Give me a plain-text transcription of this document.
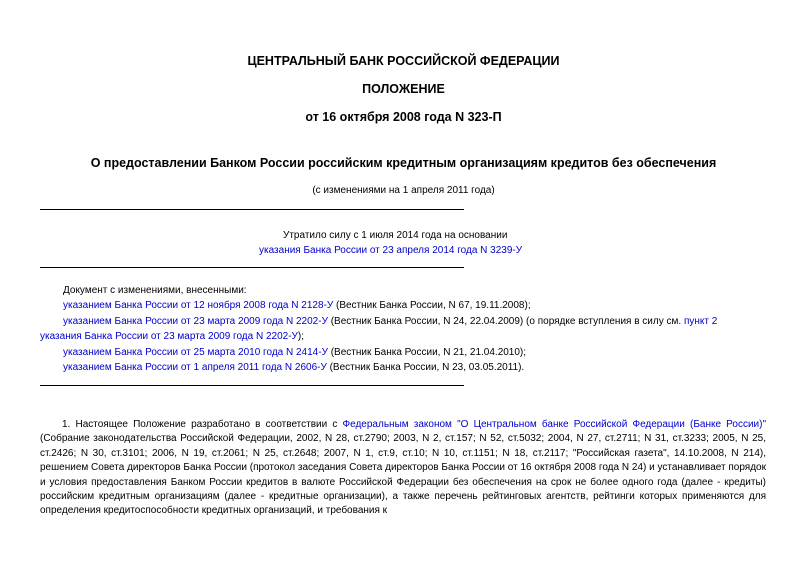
ЦЕНТРАЛЬНЫЙ БАНК РОССИЙСКОЙ ФЕДЕРАЦИИ
ПОЛОЖЕНИЕ
от 16 октября 2008 года N 323-П
О предоставлении Банком России российским кредитным организациям кредитов без обеспечения
(с изменениями на 1 апреля 2011 года)
Утратило силу с 1 июля 2014 года на основании
указания Банка России от 23 апреля 2014 года N 3239-У
Документ с изменениями, внесенными:
указанием Банка России от 12 ноября 2008 года N 2128-У (Вестник Банка России, N 67, 19.11.2008);
указанием Банка России от 23 марта 2009 года N 2202-У (Вестник Банка России, N 24, 22.04.2009) (о порядке вступления в силу см. пункт 2
указания Банка России от 23 марта 2009 года N 2202-У);
указанием Банка России от 25 марта 2010 года N 2414-У (Вестник Банка России, N 21, 21.04.2010);
указанием Банка России от 1 апреля 2011 года N 2606-У (Вестник Банка России, N 23, 03.05.2011).
1. Настоящее Положение разработано в соответствии с Федеральным законом "О Центральном банке Российской Федерации (Банке России)" (Собрание законодательства Российской Федерации, 2002, N 28, ст.2790; 2003, N 2, ст.157; N 52, ст.5032; 2004, N 27, ст.2711; N 31, ст.3233; 2005, N 25, ст.2426; N 30, ст.3101; 2006, N 19, ст.2061; N 25, ст.2648; 2007, N 1, ст.9, ст.10; N 10, ст.1151; N 18, ст.2117; "Российская газета", 14.10.2008, N 214), решением Совета директоров Банка России (протокол заседания Совета директоров Банка России от 16 октября 2008 года N 24) и устанавливает порядок и условия предоставления Банком России кредитов в валюте Российской Федерации без обеспечения на срок не более одного года (далее - кредиты) российским кредитным организациям (далее - кредитные организации), а также перечень рейтинговых агентств, рейтинги которых применяются для определения кредитоспособности кредитных организаций, и требования к
